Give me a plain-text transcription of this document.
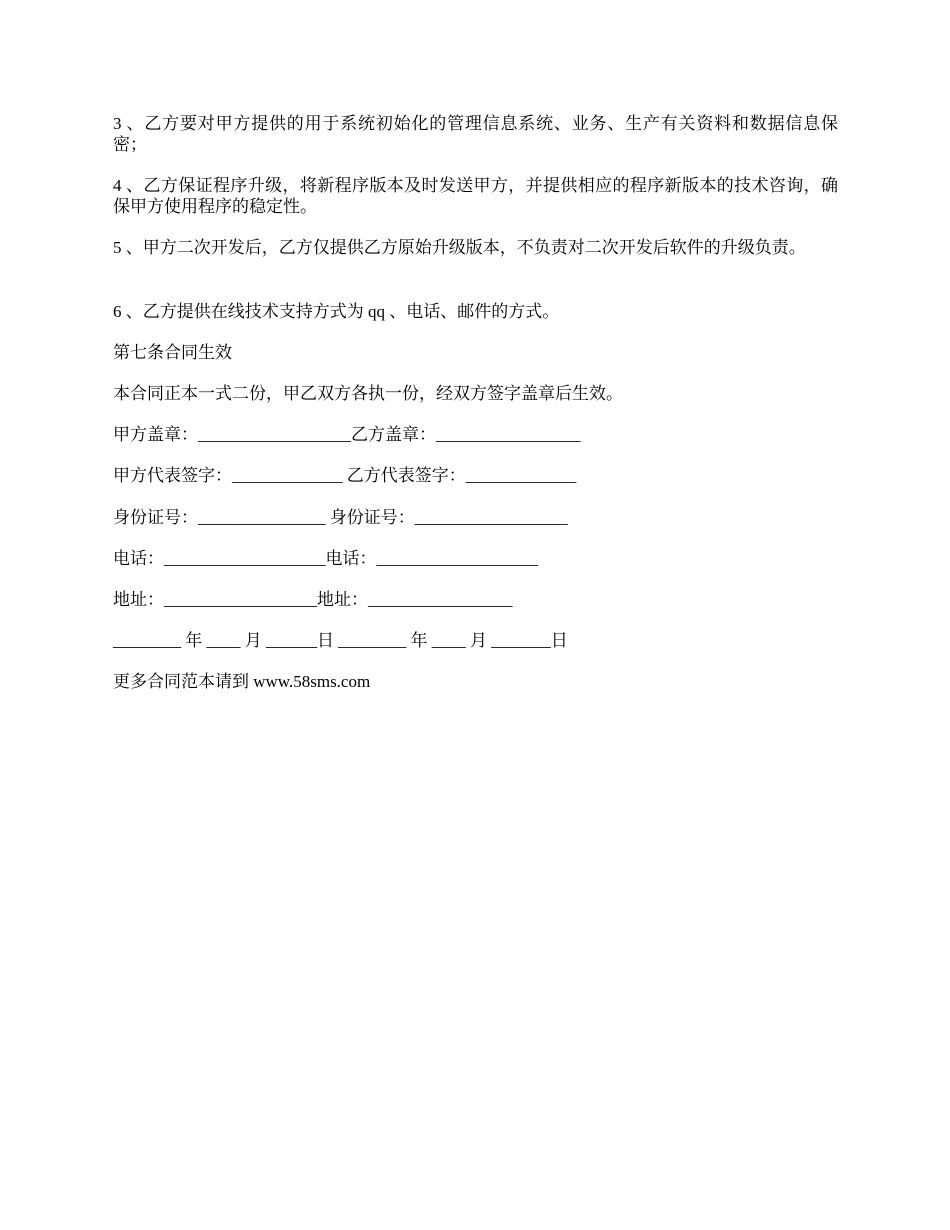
3 、乙方要对甲方提供的用于系统初始化的管理信息系统、业务、生产有关资料和数据信息保密；

4 、乙方保证程序升级，将新程序版本及时发送甲方，并提供相应的程序新版本的技术咨询，确保甲方使用程序的稳定性。

5 、甲方二次开发后，乙方仅提供乙方原始升级版本，不负责对二次开发后软件的升级负责。

6 、乙方提供在线技术支持方式为 qq 、电话、邮件的方式。

第七条合同生效

本合同正本一式二份，甲乙双方各执一份，经双方签字盖章后生效。

甲方盖章：__________________乙方盖章：_________________

甲方代表签字：_____________ 乙方代表签字：_____________

身份证号：_______________ 身份证号：__________________

电话：___________________电话：___________________

地址：__________________地址：_________________

________ 年 ____ 月 ______日 ________ 年 ____ 月 _______日

更多合同范本请到 www.58sms.com
